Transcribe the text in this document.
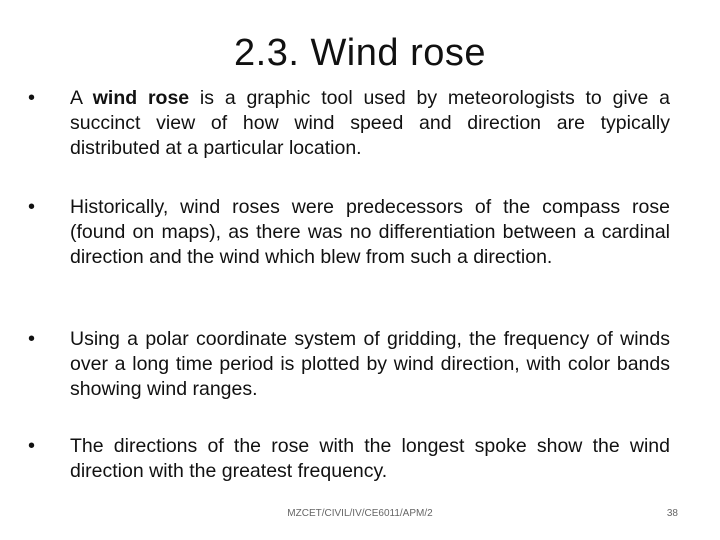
2.3. Wind rose
• A wind rose is a graphic tool used by meteorologists to give a succinct view of how wind speed and direction are typically distributed at a particular location.
• Historically, wind roses were predecessors of the compass rose (found on maps), as there was no differentiation between a cardinal direction and the wind which blew from such a direction.
• Using a polar coordinate system of gridding, the frequency of winds over a long time period is plotted by wind direction, with color bands showing wind ranges.
• The directions of the rose with the longest spoke show the wind direction with the greatest frequency.
MZCET/CIVIL/IV/CE6011/APM/2	38
